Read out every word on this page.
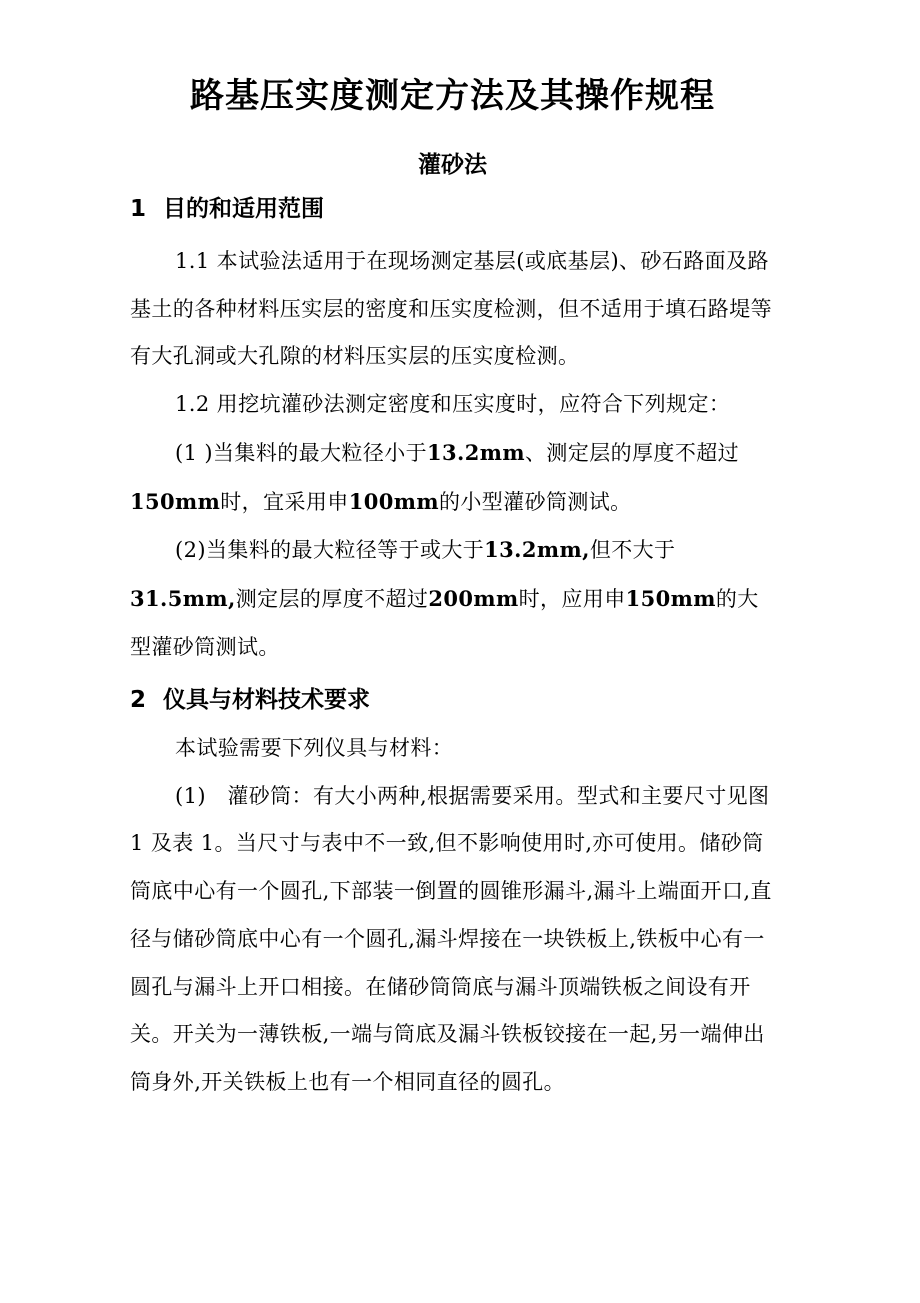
路基压实度测定方法及其操作规程
灌砂法
1 目的和适用范围

1.1 本试验法适用于在现场测定基层(或底基层)、砂石路面及路基土的各种材料压实层的密度和压实度检测，但不适用于填石路堤等有大孔洞或大孔隙的材料压实层的压实度检测。

1.2 用挖坑灌砂法测定密度和压实度时，应符合下列规定：

(1 )当集料的最大粒径小于13.2mm、测定层的厚度不超过150mm时，宜采用申100mm的小型灌砂筒测试。

(2)当集料的最大粒径等于或大于13.2mm,但不大于31.5mm,测定层的厚度不超过200mm时，应用申150mm的大型灌砂筒测试。

2 仪具与材料技术要求

本试验需要下列仪具与材料：

(1)　灌砂筒：有大小两种,根据需要采用。型式和主要尺寸见图 1 及表 1。当尺寸与表中不一致,但不影响使用时,亦可使用。储砂筒筒底中心有一个圆孔,下部装一倒置的圆锥形漏斗,漏斗上端面开口,直径与储砂筒底中心有一个圆孔,漏斗焊接在一块铁板上,铁板中心有一圆孔与漏斗上开口相接。在储砂筒筒底与漏斗顶端铁板之间设有开关。开关为一薄铁板,一端与筒底及漏斗铁板铰接在一起,另一端伸出筒身外,开关铁板上也有一个相同直径的圆孔。
